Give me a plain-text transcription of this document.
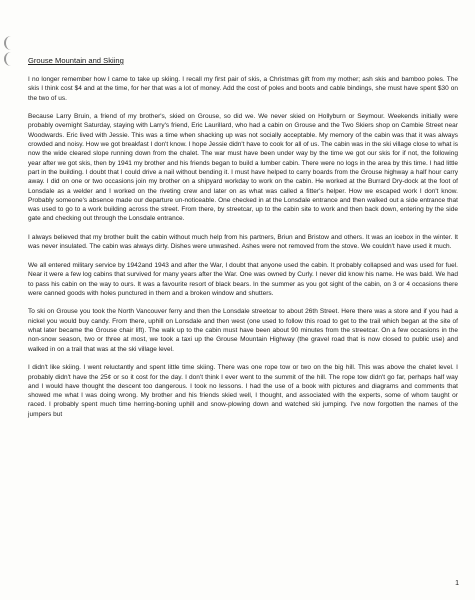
Grouse Mountain and Skiing

I no longer remember how I came to take up skiing. I recall my first pair of skis, a Christmas gift from my mother; ash skis and bamboo poles. The skis I think cost $4 and at the time, for her that was a lot of money. Add the cost of poles and boots and cable bindings, she must have spent $30 on the two of us.

Because Larry Bruin, a friend of my brother's, skied on Grouse, so did we. We never skied on Hollyburn or Seymour. Weekends initially were probably overnight Saturday, staying with Larry's friend, Eric Laurillard, who had a cabin on Grouse and the Two Skiers shop on Cambie Street near Woodwards. Eric lived with Jessie. This was a time when shacking up was not socially acceptable. My memory of the cabin was that it was always crowded and noisy. How we got breakfast I don't know. I hope Jessie didn't have to cook for all of us. The cabin was in the ski village close to what is now the wide cleared slope running down from the chalet. The war must have been under way by the time we got our skis for if not, the following year after we got skis, then by 1941 my brother and his friends began to build a lumber cabin. There were no logs in the area by this time. I had little part in the building. I doubt that I could drive a nail without bending it. I must have helped to carry boards from the Grouse highway a half hour carry away. I did on one or two occasions join my brother on a shipyard workday to work on the cabin. He worked at the Burrard Dry-dock at the foot of Lonsdale as a welder and I worked on the riveting crew and later on as what was called a fitter's helper. How we escaped work I don't know. Probably someone's absence made our departure un-noticeable. One checked in at the Lonsdale entrance and then walked out a side entrance that was used to go to a work building across the street. From there, by streetcar, up to the cabin site to work and then back down, entering by the side gate and checking out through the Lonsdale entrance.

I always believed that my brother built the cabin without much help from his partners, Briun and Bristow and others. It was an icebox in the winter. It was never insulated. The cabin was always dirty. Dishes were unwashed. Ashes were not removed from the stove. We couldn't have used it much.

We all entered military service by 1942and 1943 and after the War, I doubt that anyone used the cabin. It probably collapsed and was used for fuel. Near it were a few log cabins that survived for many years after the War. One was owned by Curly. I never did know his name. He was bald. We had to pass his cabin on the way to ours. It was a favourite resort of black bears. In the summer as you got sight of the cabin, on 3 or 4 occasions there were canned goods with holes punctured in them and a broken window and shutters.

To ski on Grouse you took the North Vancouver ferry and then the Lonsdale streetcar to about 26th Street. Here there was a store and if you had a nickel you would buy candy. From there, uphill on Lonsdale and then west (one used to follow this road to get to the trail which began at the site of what later became the Grouse chair lift). The walk up to the cabin must have been about 90 minutes from the streetcar. On a few occasions in the non-snow season, two or three at most, we took a taxi up the Grouse Mountain Highway (the gravel road that is now closed to public use) and walked in on a trail that was at the ski village level.

I didn't like skiing. I went reluctantly and spent little time skiing. There was one rope tow or two on the big hill. This was above the chalet level. I probably didn't have the 25¢ or so it cost for the day. I don't think I ever went to the summit of the hill. The rope tow didn't go far, perhaps half way and I would have thought the descent too dangerous. I took no lessons. I had the use of a book with pictures and diagrams and comments that showed me what I was doing wrong. My brother and his friends skied well, I thought, and associated with the experts, some of whom taught or raced. I probably spent much time herring-boning uphill and snow-plowing down and watched ski jumping. I've now forgotten the names of the jumpers but

1
